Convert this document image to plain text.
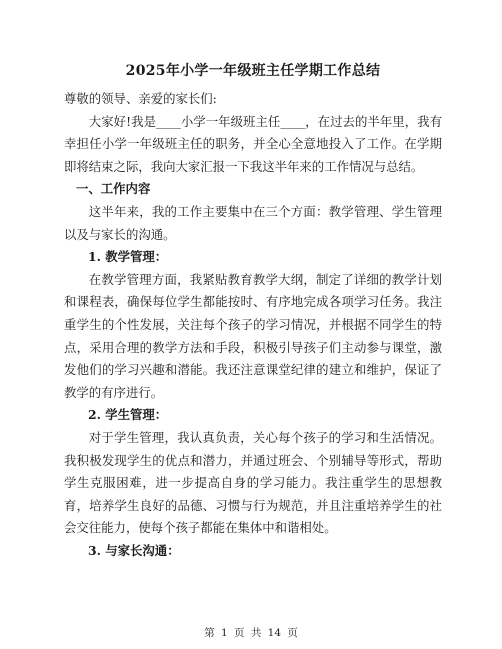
2025年小学一年级班主任学期工作总结

尊敬的领导、亲爱的家长们:

大家好!我是____小学一年级班主任____，在过去的半年里，我有幸担任小学一年级班主任的职务，并全心全意地投入了工作。在学期即将结束之际，我向大家汇报一下我这半年来的工作情况与总结。

一、工作内容

这半年来，我的工作主要集中在三个方面：教学管理、学生管理以及与家长的沟通。

1. 教学管理：

在教学管理方面，我紧贴教育教学大纲，制定了详细的教学计划和课程表，确保每位学生都能按时、有序地完成各项学习任务。我注重学生的个性发展，关注每个孩子的学习情况，并根据不同学生的特点，采用合理的教学方法和手段，积极引导孩子们主动参与课堂，激发他们的学习兴趣和潜能。我还注意课堂纪律的建立和维护，保证了教学的有序进行。

2. 学生管理：

对于学生管理，我认真负责，关心每个孩子的学习和生活情况。我积极发现学生的优点和潜力，并通过班会、个别辅导等形式，帮助学生克服困难，进一步提高自身的学习能力。我注重学生的思想教育，培养学生良好的品德、习惯与行为规范，并且注重培养学生的社会交往能力，使每个孩子都能在集体中和谐相处。

3. 与家长沟通：

第 1 页 共 14 页
